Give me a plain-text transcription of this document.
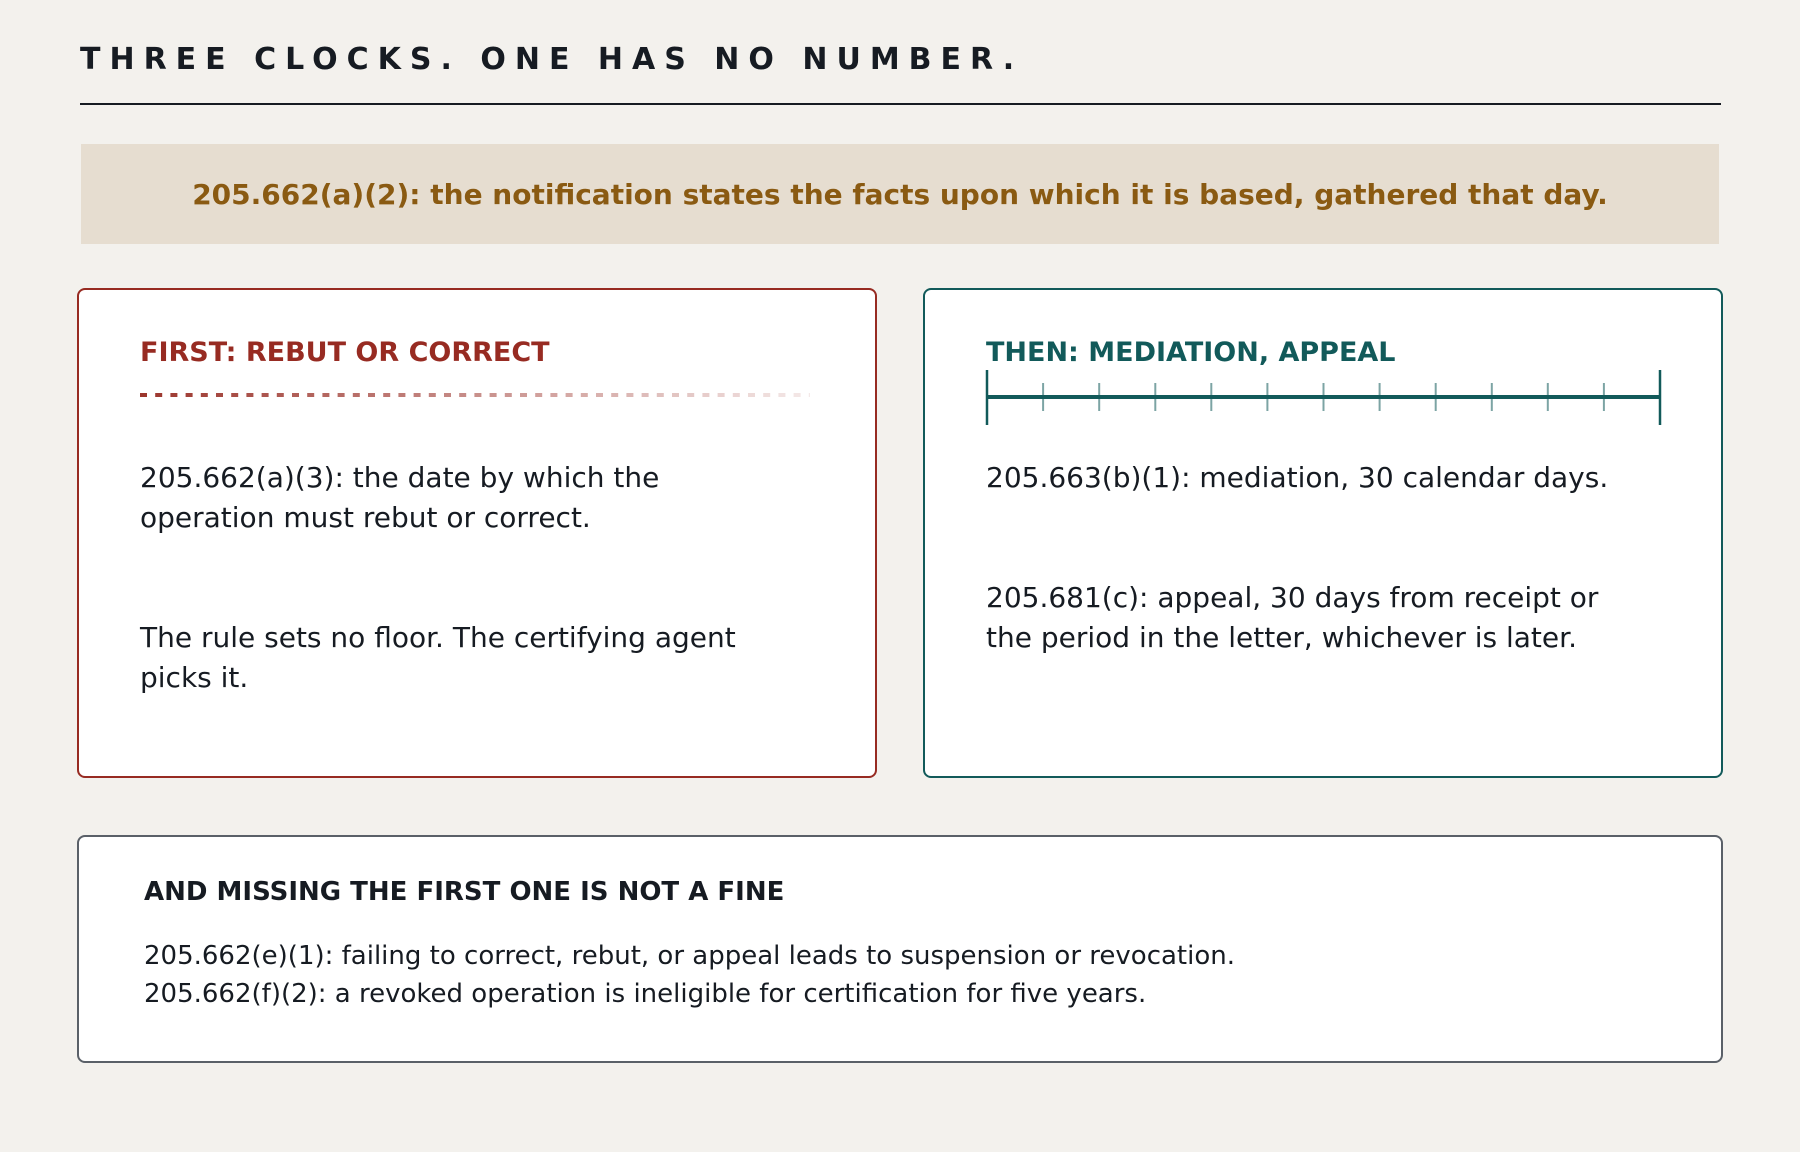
THREE CLOCKS. ONE HAS NO NUMBER.
205.662(a)(2): the notification states the facts upon which it is based, gathered that day.
FIRST: REBUT OR CORRECT

205.662(a)(3): the date by which the operation must rebut or correct.

The rule sets no floor. The certifying agent picks it.

THEN: MEDIATION, APPEAL

205.663(b)(1): mediation, 30 calendar days.

205.681(c): appeal, 30 days from receipt or the period in the letter, whichever is later.

AND MISSING THE FIRST ONE IS NOT A FINE
205.662(e)(1): failing to correct, rebut, or appeal leads to suspension or revocation.
205.662(f)(2): a revoked operation is ineligible for certification for five years.
